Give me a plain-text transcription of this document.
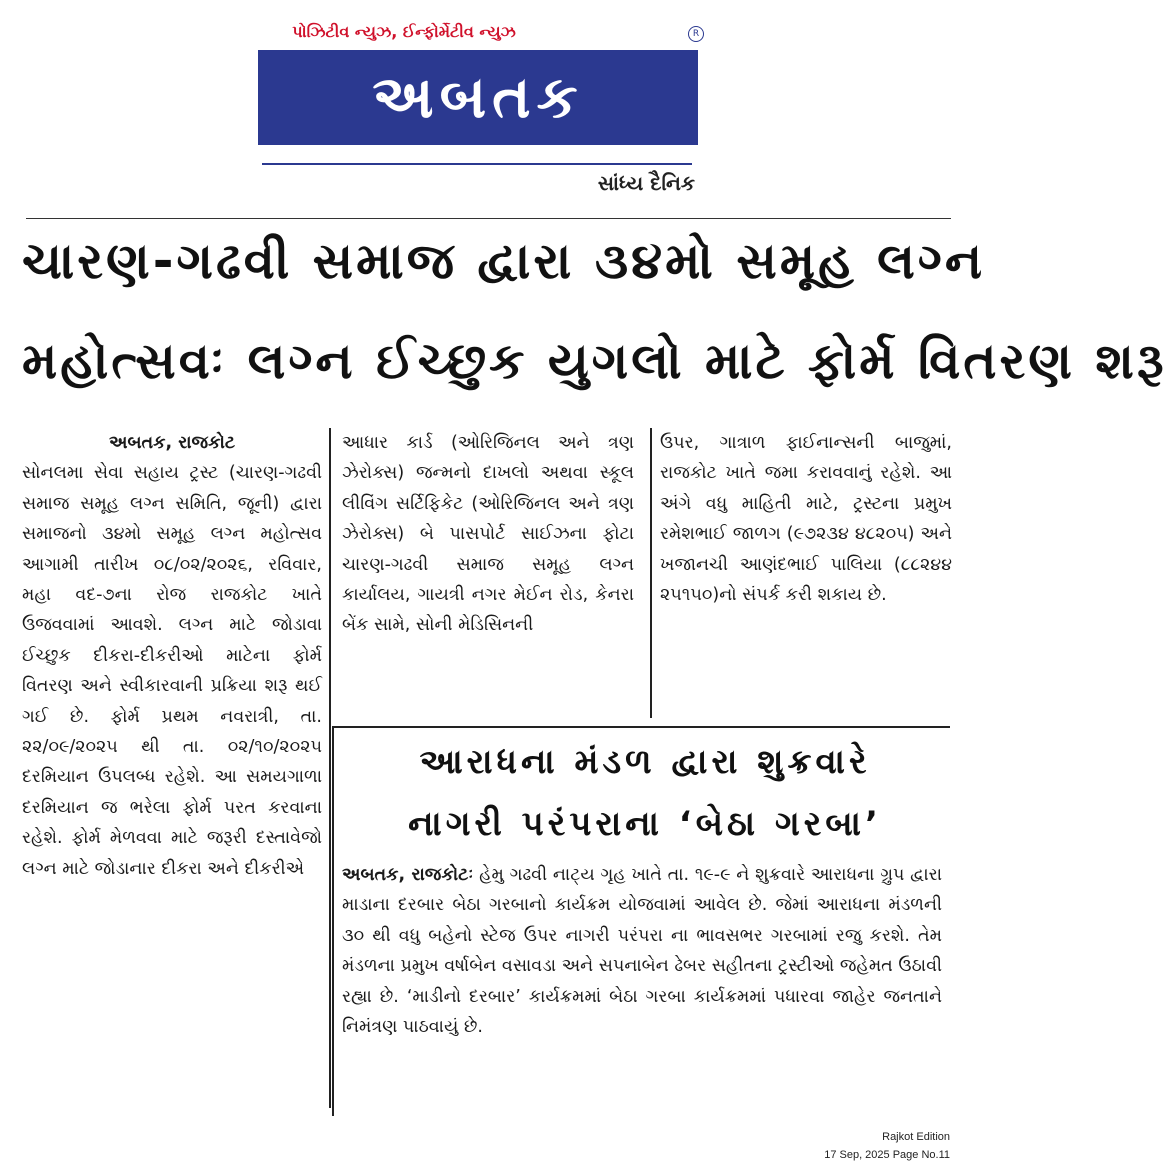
પોઝિટીવ ન્યુઝ, ઈન્ફોર્મેટીવ ન્યુઝ	R
અબતક
સાંધ્ય દૈનિક
ચારણ-ગઢવી સમાજ દ્વારા ૩૪મો સમૂહ લગ્ન
મહોત્સવઃ લગ્ન ઈચ્છુક યુગલો માટે ફોર્મ વિતરણ શરૂ
અબતક, રાજકોટ
સોનલમા સેવા સહાય ટ્રસ્ટ (ચારણ-ગઢવી સમાજ સમૂહ લગ્ન સમિતિ, જૂની) દ્વારા સમાજનો ૩૪મો સમૂહ લગ્ન મહોત્સવ આગામી તારીખ ૦૮/૦૨/૨૦૨૬, રવિવાર, મહા વદ-૭ના રોજ રાજકોટ ખાતે ઉજવવામાં આવશે. લગ્ન માટે જોડાવા ઈચ્છુક દીકરા-દીકરીઓ માટેના ફોર્મ વિતરણ અને સ્વીકારવાની પ્રક્રિયા શરૂ થઈ ગઈ છે. ફોર્મ પ્રથમ નવરાત્રી, તા. ૨૨/૦૯/૨૦૨૫ થી તા. ૦૨/૧૦/૨૦૨૫ દરમિયાન ઉપલબ્ધ રહેશે. આ સમયગાળા દરમિયાન જ ભરેલા ફોર્મ પરત કરવાના રહેશે. ફોર્મ મેળવવા માટે જરૂરી દસ્તાવેજો લગ્ન માટે જોડાનાર દીકરા અને દીકરીએ
આધાર કાર્ડ (ઓરિજિનલ અને ત્રણ ઝેરોક્સ) જન્મનો દાખલો અથવા સ્કૂલ લીવિંગ સર્ટિફિકેટ (ઓરિજિનલ અને ત્રણ ઝેરોક્સ) બે પાસપોર્ટ સાઈઝના ફોટા ચારણ-ગઢવી સમાજ સમૂહ લગ્ન કાર્યાલય, ગાયત્રી નગર મેઈન રોડ, કેનરા બેંક સામે, સોની મેડિસિનની
ઉપર, ગાત્રાળ ફાઈનાન્સની બાજુમાં, રાજકોટ ખાતે જમા કરાવવાનું રહેશે. આ અંગે વધુ માહિતી માટે, ટ્રસ્ટના પ્રમુખ રમેશભાઈ જાળગ (૯૭૨૩૪ ૪૮૨૦૫) અને ખજાનચી આણંદભાઈ પાલિયા (૮૮૨૪૪ ૨૫૧૫૦)નો સંપર્ક કરી શકાય છે.
આરાધના મંડળ દ્વારા શુક્રવારે
નાગરી પરંપરાના ‘બેઠા ગરબા’
અબતક, રાજકોટઃ હેમુ ગઢવી નાટ્ય ગૃહ ખાતે તા. ૧૯-૯ ને શુક્રવારે આરાધના ગ્રુપ દ્વારા માડાના દરબાર બેઠા ગરબાનો કાર્યક્રમ યોજવામાં આવેલ છે. જેમાં આરાધના મંડળની ૩૦ થી વધુ બહેનો સ્ટેજ ઉપર નાગરી પરંપરા ના ભાવસભર ગરબામાં રજુ કરશે. તેમ મંડળના પ્રમુખ વર્ષાબેન વસાવડા અને સપનાબેન ઢેબર સહીતના ટ્રસ્ટીઓ જહેમત ઉઠાવી રહ્યા છે. ‘માડીનો દરબાર’ કાર્યક્રમમાં બેઠા ગરબા કાર્યક્રમમાં પધારવા જાહેર જનતાને નિમંત્રણ પાઠવાયું છે.
Rajkot Edition
17 Sep, 2025 Page No.11
